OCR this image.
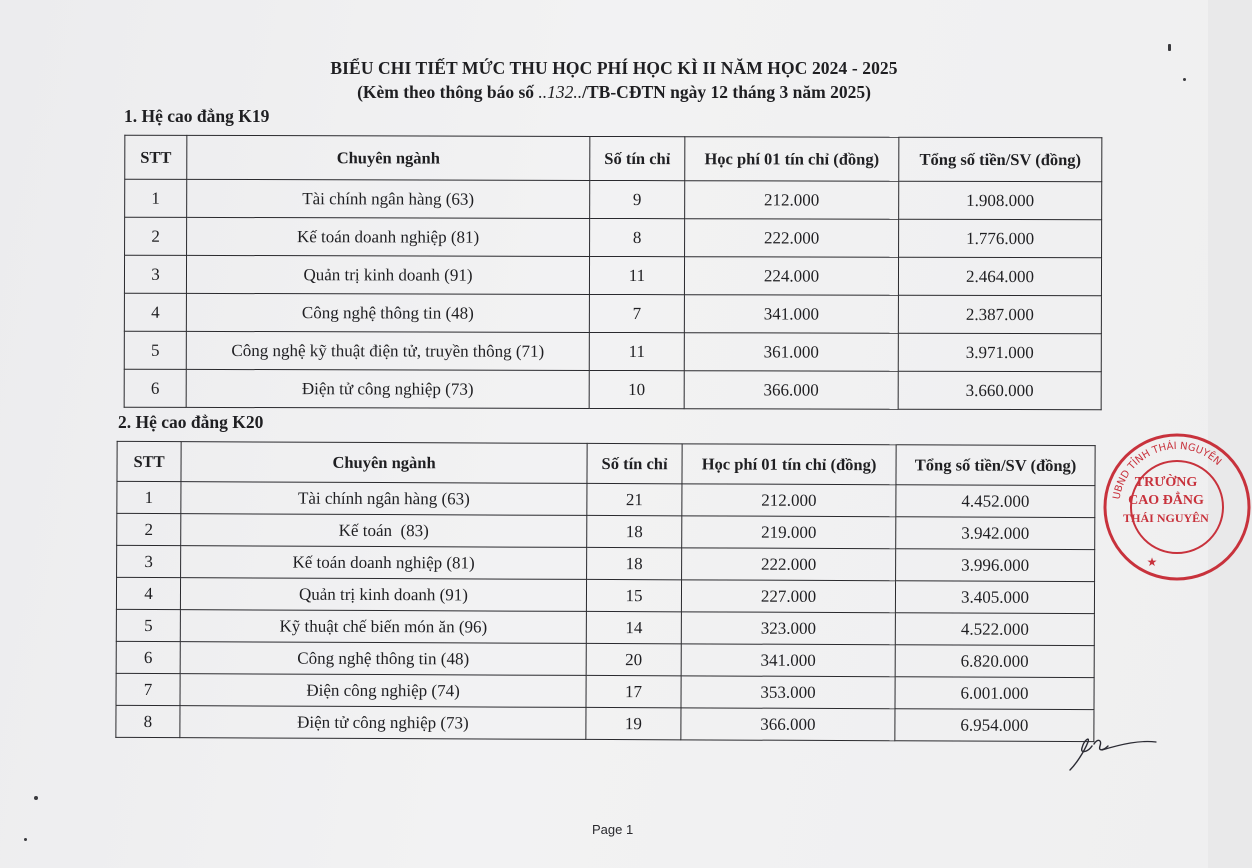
BIỂU CHI TIẾT MỨC THU HỌC PHÍ HỌC KÌ II NĂM HỌC 2024 - 2025
(Kèm theo thông báo số ..132../TB-CĐTN ngày 12 tháng 3 năm 2025)
1. Hệ cao đẳng K19
STT	Chuyên ngành	Số tín chỉ	Học phí 01 tín chỉ (đồng)	Tổng số tiền/SV (đồng)
1	Tài chính ngân hàng (63)	9	212.000	1.908.000
2	Kế toán doanh nghiệp (81)	8	222.000	1.776.000
3	Quản trị kinh doanh (91)	11	224.000	2.464.000
4	Công nghệ thông tin (48)	7	341.000	2.387.000
5	Công nghệ kỹ thuật điện tử, truyền thông (71)	11	361.000	3.971.000
6	Điện tử công nghiệp (73)	10	366.000	3.660.000
2. Hệ cao đẳng K20
STT	Chuyên ngành	Số tín chỉ	Học phí 01 tín chỉ (đồng)	Tổng số tiền/SV (đồng)
1	Tài chính ngân hàng (63)	21	212.000	4.452.000
2	Kế toán  (83)	18	219.000	3.942.000
3	Kế toán doanh nghiệp (81)	18	222.000	3.996.000
4	Quản trị kinh doanh (91)	15	227.000	3.405.000
5	Kỹ thuật chế biến món ăn (96)	14	323.000	4.522.000
6	Công nghệ thông tin (48)	20	341.000	6.820.000
7	Điện công nghiệp (74)	17	353.000	6.001.000
8	Điện tử công nghiệp (73)	19	366.000	6.954.000
UBND TỈNH THÁI NGUYÊN
TRƯỜNG
CAO ĐẲNG
THÁI NGUYÊN
★
Page 1
